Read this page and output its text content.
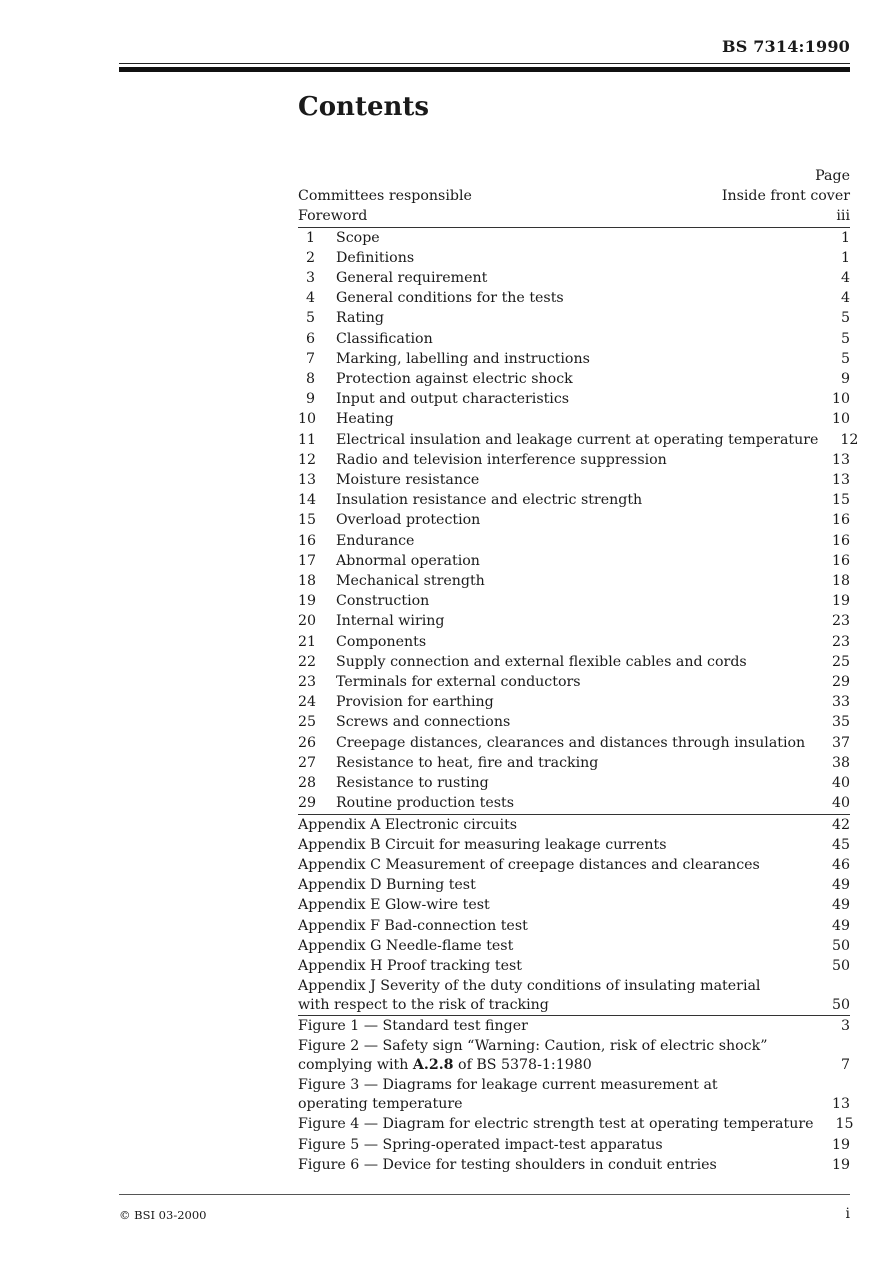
BS 7314:1990
Contents
Page
Committees responsible	Inside front cover
Foreword	iii
1	Scope	1
2	Definitions	1
3	General requirement	4
4	General conditions for the tests	4
5	Rating	5
6	Classification	5
7	Marking, labelling and instructions	5
8	Protection against electric shock	9
9	Input and output characteristics	10
10	Heating	10
11	Electrical insulation and leakage current at operating temperature	12
12	Radio and television interference suppression	13
13	Moisture resistance	13
14	Insulation resistance and electric strength	15
15	Overload protection	16
16	Endurance	16
17	Abnormal operation	16
18	Mechanical strength	18
19	Construction	19
20	Internal wiring	23
21	Components	23
22	Supply connection and external flexible cables and cords	25
23	Terminals for external conductors	29
24	Provision for earthing	33
25	Screws and connections	35
26	Creepage distances, clearances and distances through insulation	37
27	Resistance to heat, fire and tracking	38
28	Resistance to rusting	40
29	Routine production tests	40
Appendix A Electronic circuits	42
Appendix B Circuit for measuring leakage currents	45
Appendix C Measurement of creepage distances and clearances	46
Appendix D Burning test	49
Appendix E Glow-wire test	49
Appendix F Bad-connection test	49
Appendix G Needle-flame test	50
Appendix H Proof tracking test	50
Appendix J Severity of the duty conditions of insulating material
with respect to the risk of tracking	50
Figure 1 — Standard test finger	3
Figure 2 — Safety sign “Warning: Caution, risk of electric shock”
complying with A.2.8 of BS 5378-1:1980	7
Figure 3 — Diagrams for leakage current measurement at
operating temperature	13
Figure 4 — Diagram for electric strength test at operating temperature	15
Figure 5 — Spring-operated impact-test apparatus	19
Figure 6 — Device for testing shoulders in conduit entries	19
© BSI 03-2000	i
